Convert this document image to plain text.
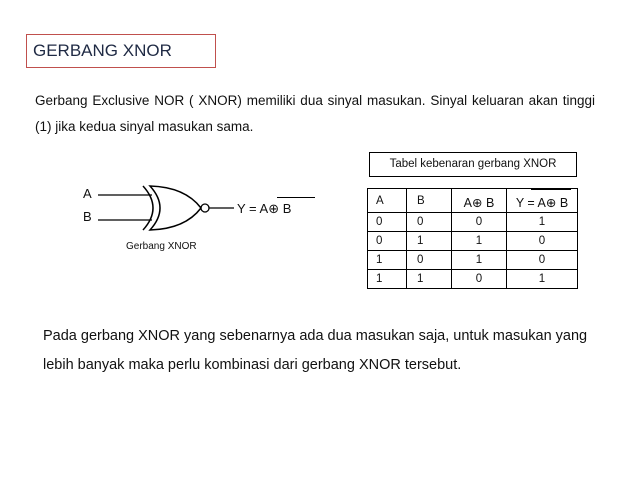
GERBANG XNOR
Gerbang Exclusive NOR ( XNOR) memiliki dua sinyal masukan. Sinyal keluaran akan tinggi (1) jika kedua sinyal masukan sama.
A
B
Gerbang XNOR
Y = A⊕ B
Tabel kebenaran gerbang XNOR
A	B	A⊕ B	Y = A⊕ B
0	0	0	1
0	1	1	0
1	0	1	0
1	1	0	1
Pada gerbang XNOR yang sebenarnya ada dua masukan saja, untuk masukan yang lebih banyak maka perlu kombinasi dari gerbang XNOR tersebut.
